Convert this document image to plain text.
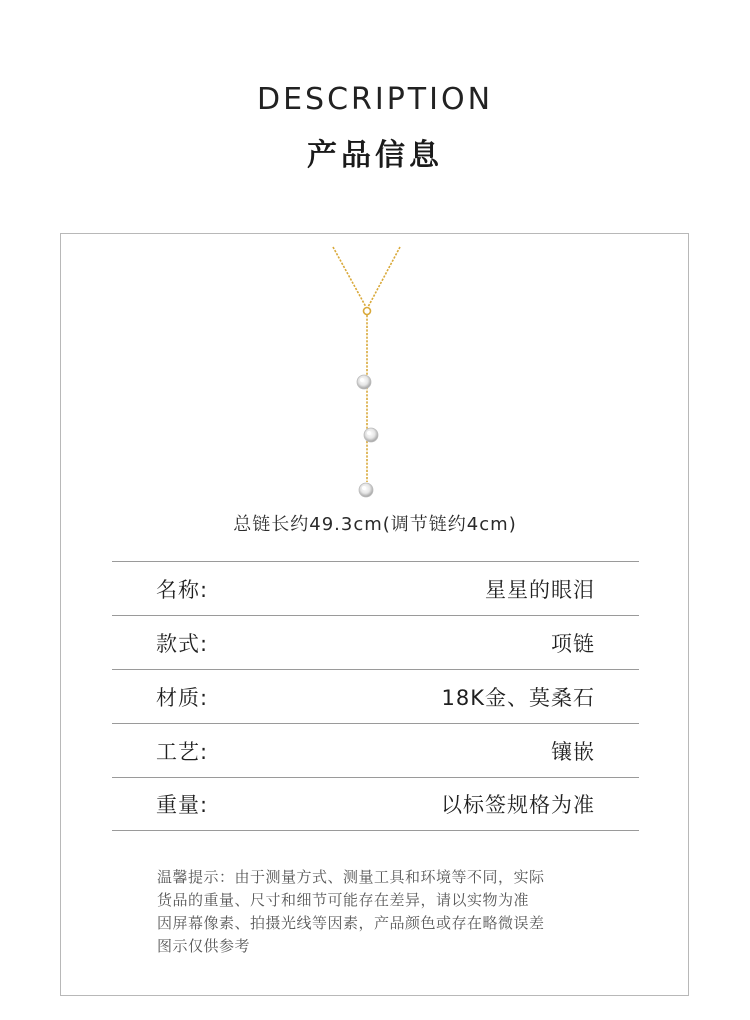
DESCRIPTION
产品信息
总链长约49.3cm(调节链约4cm)
名称:	星星的眼泪
款式:	项链
材质:	18K金、莫桑石
工艺:	镶嵌
重量:	以标签规格为准
温馨提示：由于测量方式、测量工具和环境等不同，实际
货品的重量、尺寸和细节可能存在差异，请以实物为准
因屏幕像素、拍摄光线等因素，产品颜色或存在略微误差
图示仅供参考
